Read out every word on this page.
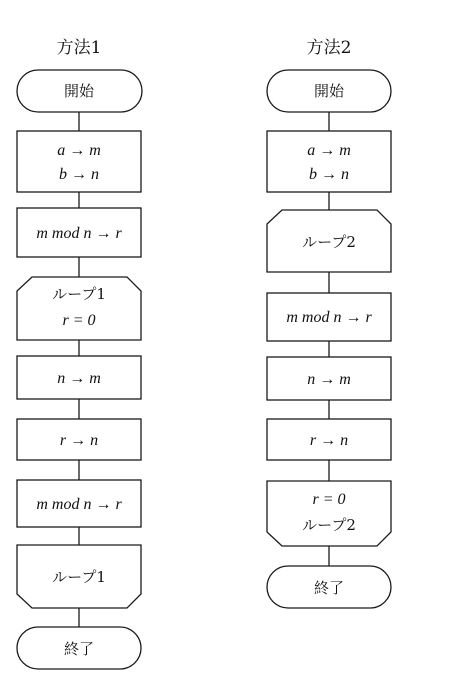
方法1
開始
a → m
b → n
m mod n → r
ループ1
r = 0
n → m
r → n
m mod n → r
ループ1
終了
方法2
開始
a → m
b → n
ループ2
m mod n → r
n → m
r → n
r = 0
ループ2
終了
